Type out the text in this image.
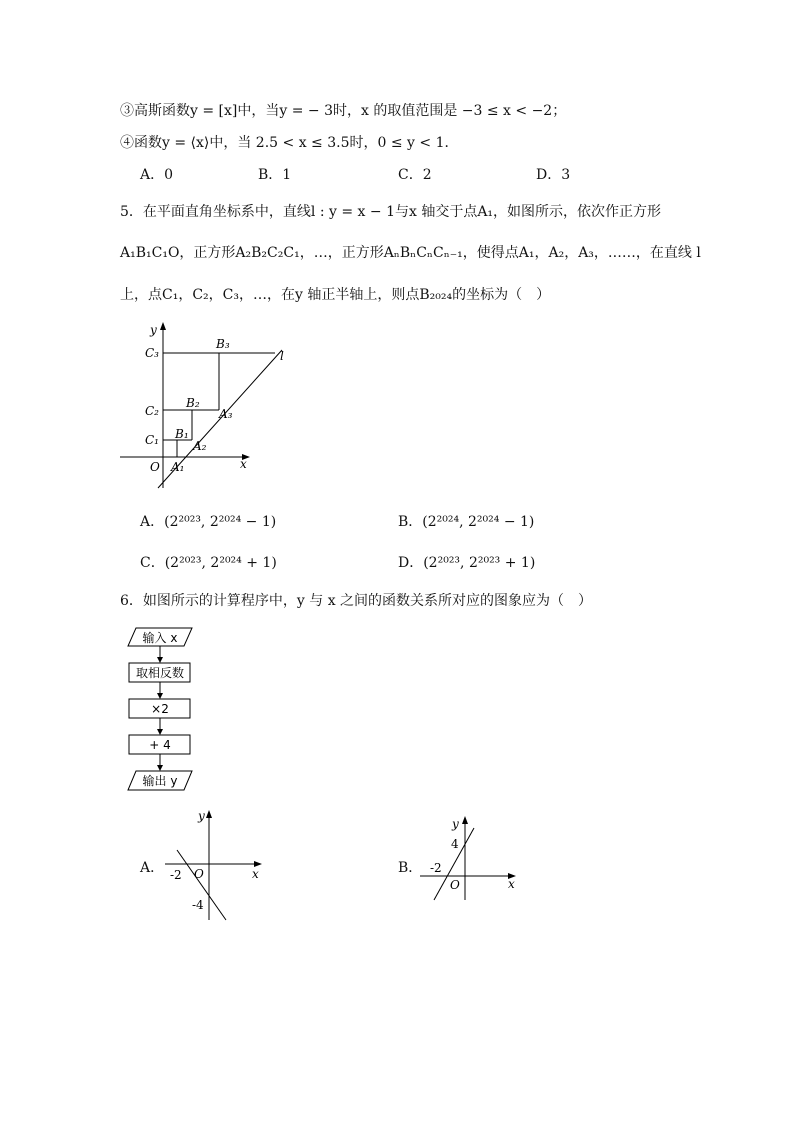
③高斯函数y = [x]中，当y = − 3时，x 的取值范围是 −3 ≤ x < −2；
④函数y = ⟨x⟩中，当 2.5 < x ≤ 3.5时，0 ≤ y < 1．
A．0	B．1	C．2	D．3
5．在平面直角坐标系中，直线l : y = x − 1与x 轴交于点A₁，如图所示，依次作正方形
A₁B₁C₁O，正方形A₂B₂C₂C₁，…，正方形AₙBₙCₙCₙ₋₁，使得点A₁，A₂，A₃，……，在直线 l
上，点C₁，C₂，C₃，…，在y 轴正半轴上，则点B₂₀₂₄的坐标为（　）
y
x
l
O
C₃
C₂
C₁
B₃
B₂
B₁
A₃
A₂
A₁
A．(2²⁰²³, 2²⁰²⁴ − 1)	B．(2²⁰²⁴, 2²⁰²⁴ − 1)
C．(2²⁰²³, 2²⁰²⁴ + 1)	D．(2²⁰²³, 2²⁰²³ + 1)
6．如图所示的计算程序中，y 与 x 之间的函数关系所对应的图象应为（　）
输入 x
取相反数
×2
+ 4
输出 y
A．
y
x
O
-2
-4
B．
y
x
O
-2
4
